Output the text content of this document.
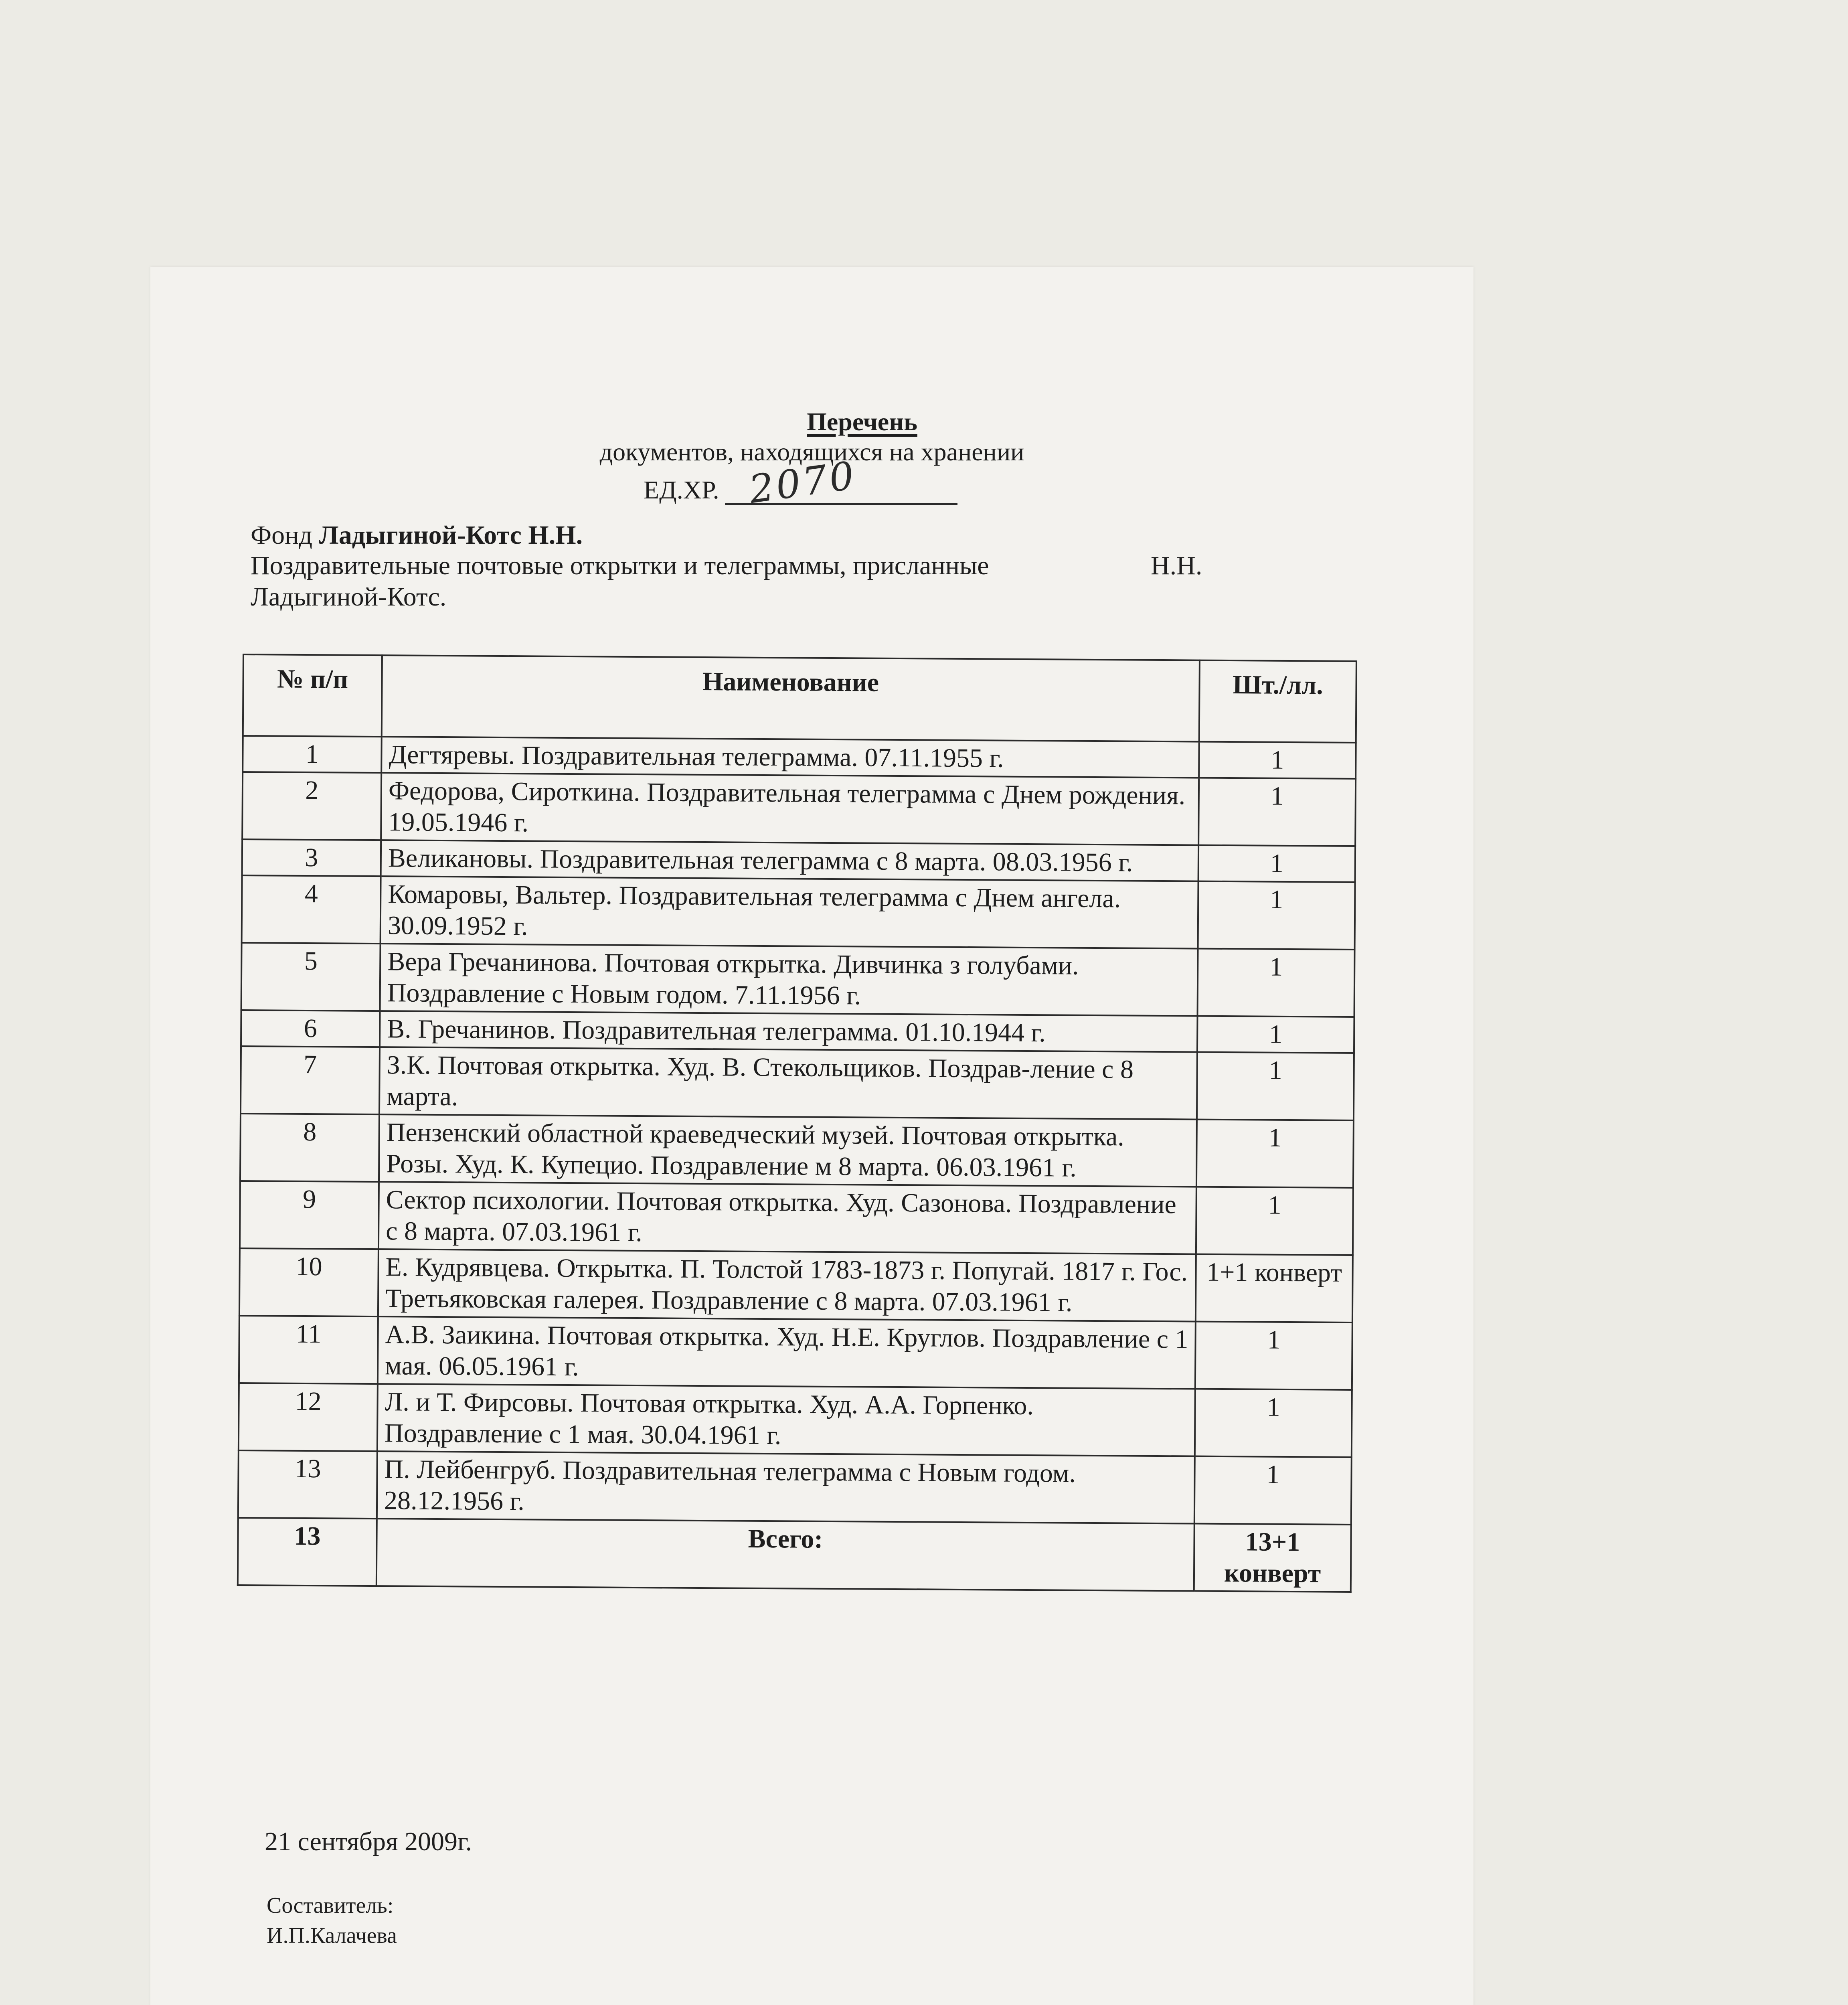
Перечень
документов, находящихся на хранении
ЕД.ХР. 2070
Фонд Ладыгиной-Котс Н.Н.
Поздравительные почтовые открытки и телеграммы, присланные	Н.Н.
Ладыгиной-Котс.
№ п/п	Наименование	Шт./лл.
1	Дегтяревы. Поздравительная телеграмма. 07.11.1955 г.	1
2	Федорова, Сироткина. Поздравительная телеграмма с Днем рождения. 19.05.1946 г.	1
3	Великановы. Поздравительная телеграмма с 8 марта. 08.03.1956 г.	1
4	Комаровы, Вальтер. Поздравительная телеграмма с Днем ангела. 30.09.1952 г.	1
5	Вера Гречанинова. Почтовая открытка. Дивчинка з голубами. Поздравление с Новым годом. 7.11.1956 г.	1
6	В. Гречанинов. Поздравительная телеграмма. 01.10.1944 г.	1
7	З.К. Почтовая открытка. Худ. В. Стекольщиков. Поздрав-ление с 8 марта.	1
8	Пензенский областной краеведческий музей. Почтовая открытка. Розы. Худ. К. Купецио. Поздравление м 8 марта. 06.03.1961 г.	1
9	Сектор психологии. Почтовая открытка. Худ. Сазонова. Поздравление с 8 марта. 07.03.1961 г.	1
10	Е. Кудрявцева. Открытка. П. Толстой 1783-1873 г. Попугай. 1817 г. Гос. Третьяковская галерея. Поздравление с 8 марта. 07.03.1961 г.	1+1 конверт
11	А.В. Заикина. Почтовая открытка. Худ. Н.Е. Круглов. Поздравление с 1 мая. 06.05.1961 г.	1
12	Л. и Т. Фирсовы. Почтовая открытка. Худ. А.А. Горпенко. Поздравление с 1 мая. 30.04.1961 г.	1
13	П. Лейбенгруб. Поздравительная телеграмма с Новым годом. 28.12.1956 г.	1
13	Всего:	13+1 конверт
21 сентября 2009г.
Составитель:
И.П.Калачева
